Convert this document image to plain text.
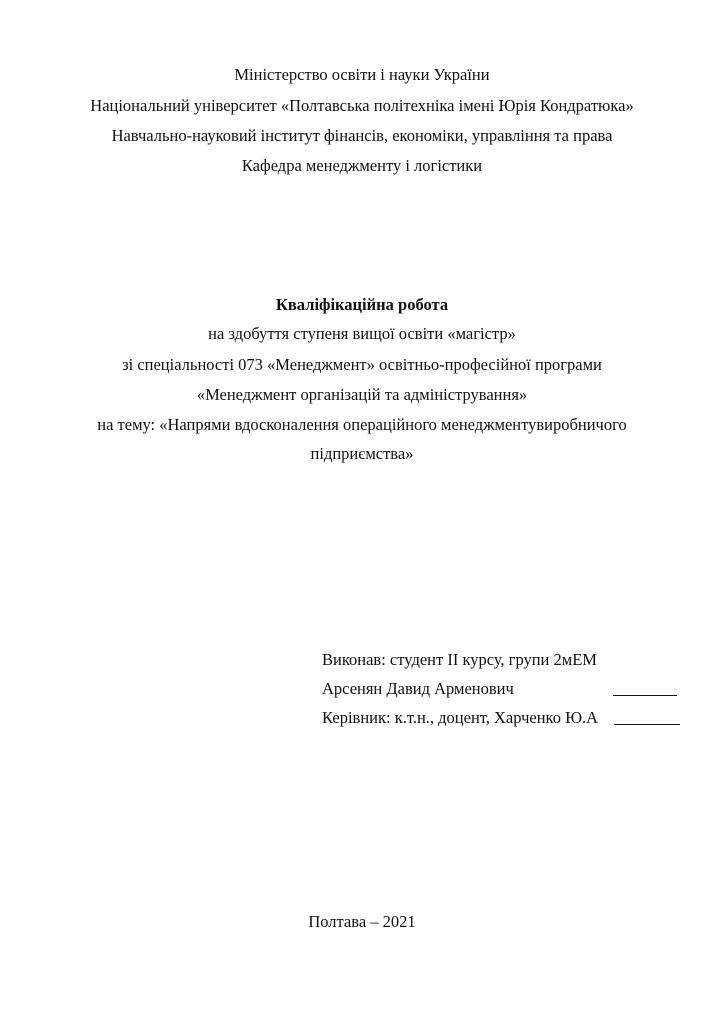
Міністерство освіти і науки України
Національний університет «Полтавська політехніка імені Юрія Кондратюка»
Навчально-науковий інститут фінансів, економіки, управління та права
Кафедра менеджменту і логістики
Кваліфікаційна робота
на здобуття ступеня вищої освіти «магістр»
зі спеціальності 073 «Менеджмент» освітньо-професійної програми
«Менеджмент організацій та адміністрування»
на тему: «Напрями вдосконалення операційного менеджментувиробничого
підприємства»
Виконав: студент ІІ курсу, групи 2мЕМ
Арсенян Давид Арменович
Керівник: к.т.н., доцент, Харченко Ю.А
Полтава – 2021
